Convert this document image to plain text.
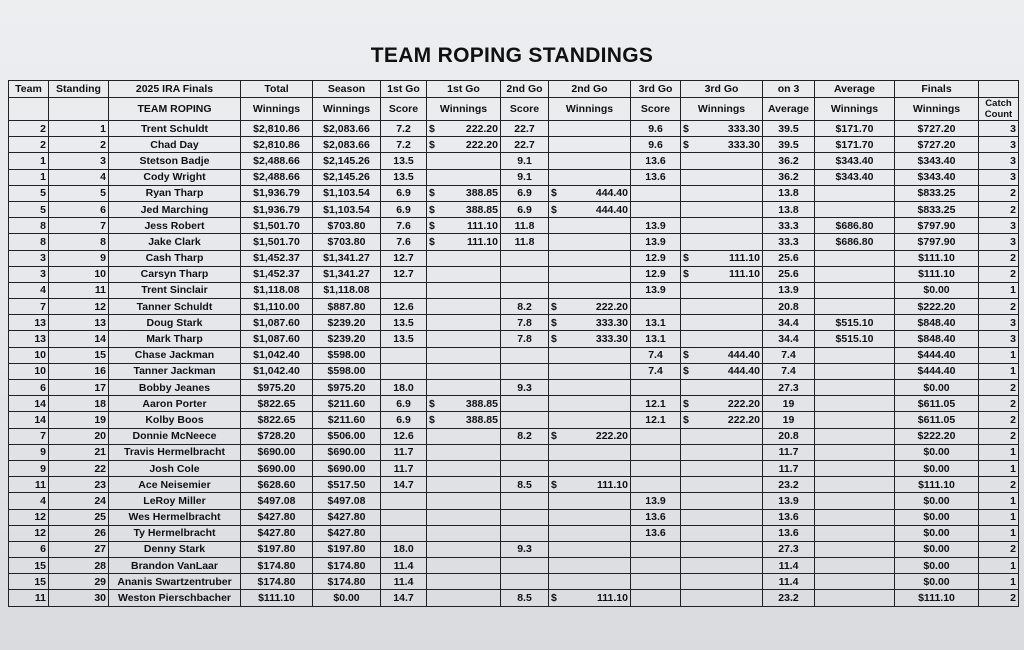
TEAM ROPING STANDINGS
Team	Standing	2025 IRA Finals	Total	Season	1st Go	1st Go	2nd Go	2nd Go	3rd Go	3rd Go	on 3	Average	Finals	
		TEAM ROPING	Winnings	Winnings	Score	Winnings	Score	Winnings	Score	Winnings	Average	Winnings	Winnings	Catch Count
2	1	Trent Schuldt	$2,810.86	$2,083.66	7.2	$ 222.20	22.7		9.6	$ 333.30	39.5	$171.70	$727.20	3
2	2	Chad Day	$2,810.86	$2,083.66	7.2	$ 222.20	22.7		9.6	$ 333.30	39.5	$171.70	$727.20	3
1	3	Stetson Badje	$2,488.66	$2,145.26	13.5		9.1		13.6		36.2	$343.40	$343.40	3
1	4	Cody Wright	$2,488.66	$2,145.26	13.5		9.1		13.6		36.2	$343.40	$343.40	3
5	5	Ryan Tharp	$1,936.79	$1,103.54	6.9	$ 388.85	6.9	$ 444.40			13.8		$833.25	2
5	6	Jed Marching	$1,936.79	$1,103.54	6.9	$ 388.85	6.9	$ 444.40			13.8		$833.25	2
8	7	Jess Robert	$1,501.70	$703.80	7.6	$ 111.10	11.8		13.9		33.3	$686.80	$797.90	3
8	8	Jake Clark	$1,501.70	$703.80	7.6	$ 111.10	11.8		13.9		33.3	$686.80	$797.90	3
3	9	Cash Tharp	$1,452.37	$1,341.27	12.7				12.9	$ 111.10	25.6		$111.10	2
3	10	Carsyn Tharp	$1,452.37	$1,341.27	12.7				12.9	$ 111.10	25.6		$111.10	2
4	11	Trent Sinclair	$1,118.08	$1,118.08					13.9		13.9		$0.00	1
7	12	Tanner Schuldt	$1,110.00	$887.80	12.6		8.2	$ 222.20			20.8		$222.20	2
13	13	Doug Stark	$1,087.60	$239.20	13.5		7.8	$ 333.30	13.1		34.4	$515.10	$848.40	3
13	14	Mark Tharp	$1,087.60	$239.20	13.5		7.8	$ 333.30	13.1		34.4	$515.10	$848.40	3
10	15	Chase Jackman	$1,042.40	$598.00					7.4	$ 444.40	7.4		$444.40	1
10	16	Tanner Jackman	$1,042.40	$598.00					7.4	$ 444.40	7.4		$444.40	1
6	17	Bobby Jeanes	$975.20	$975.20	18.0		9.3				27.3		$0.00	2
14	18	Aaron Porter	$822.65	$211.60	6.9	$ 388.85			12.1	$ 222.20	19		$611.05	2
14	19	Kolby Boos	$822.65	$211.60	6.9	$ 388.85			12.1	$ 222.20	19		$611.05	2
7	20	Donnie McNeece	$728.20	$506.00	12.6		8.2	$ 222.20			20.8		$222.20	2
9	21	Travis Hermelbracht	$690.00	$690.00	11.7						11.7		$0.00	1
9	22	Josh Cole	$690.00	$690.00	11.7						11.7		$0.00	1
11	23	Ace Neisemier	$628.60	$517.50	14.7		8.5	$ 111.10			23.2		$111.10	2
4	24	LeRoy Miller	$497.08	$497.08					13.9		13.9		$0.00	1
12	25	Wes Hermelbracht	$427.80	$427.80					13.6		13.6		$0.00	1
12	26	Ty Hermelbracht	$427.80	$427.80					13.6		13.6		$0.00	1
6	27	Denny Stark	$197.80	$197.80	18.0		9.3				27.3		$0.00	2
15	28	Brandon VanLaar	$174.80	$174.80	11.4						11.4		$0.00	1
15	29	Ananis Swartzentruber	$174.80	$174.80	11.4						11.4		$0.00	1
11	30	Weston Pierschbacher	$111.10	$0.00	14.7		8.5	$ 111.10			23.2		$111.10	2
